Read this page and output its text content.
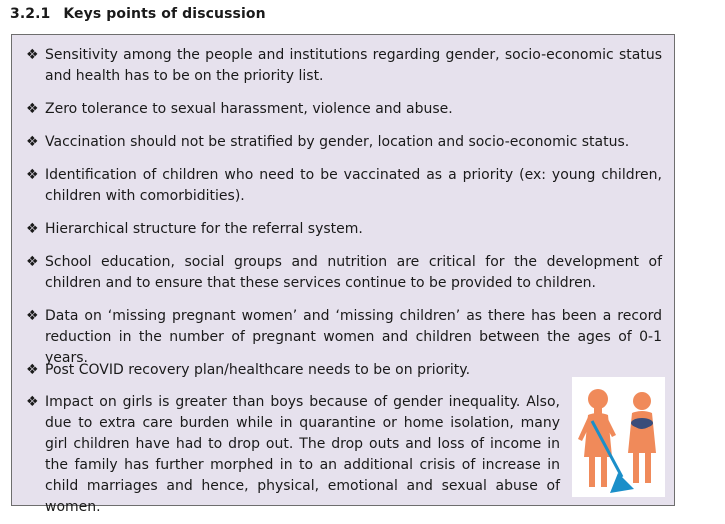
3.2.1 Keys points of discussion
❖ Sensitivity among the people and institutions regarding gender, socio-economic status and health has to be on the priority list.
❖ Zero tolerance to sexual harassment, violence and abuse.
❖ Vaccination should not be stratified by gender, location and socio-economic status.
❖ Identification of children who need to be vaccinated as a priority (ex: young children, children with comorbidities).
❖ Hierarchical structure for the referral system.
❖ School education, social groups and nutrition are critical for the development of children and to ensure that these services continue to be provided to children.
❖ Data on ‘missing pregnant women’ and ‘missing children’ as there has been a record reduction in the number of pregnant women and children between the ages of 0-1 years.
❖ Post COVID recovery plan/healthcare needs to be on priority.
❖ Impact on girls is greater than boys because of gender inequality. Also, due to extra care burden while in quarantine or home isolation, many girl children have had to drop out. The drop outs and loss of income in the family has further morphed in to an additional crisis of increase in child marriages and hence, physical, emotional and sexual abuse of women.
